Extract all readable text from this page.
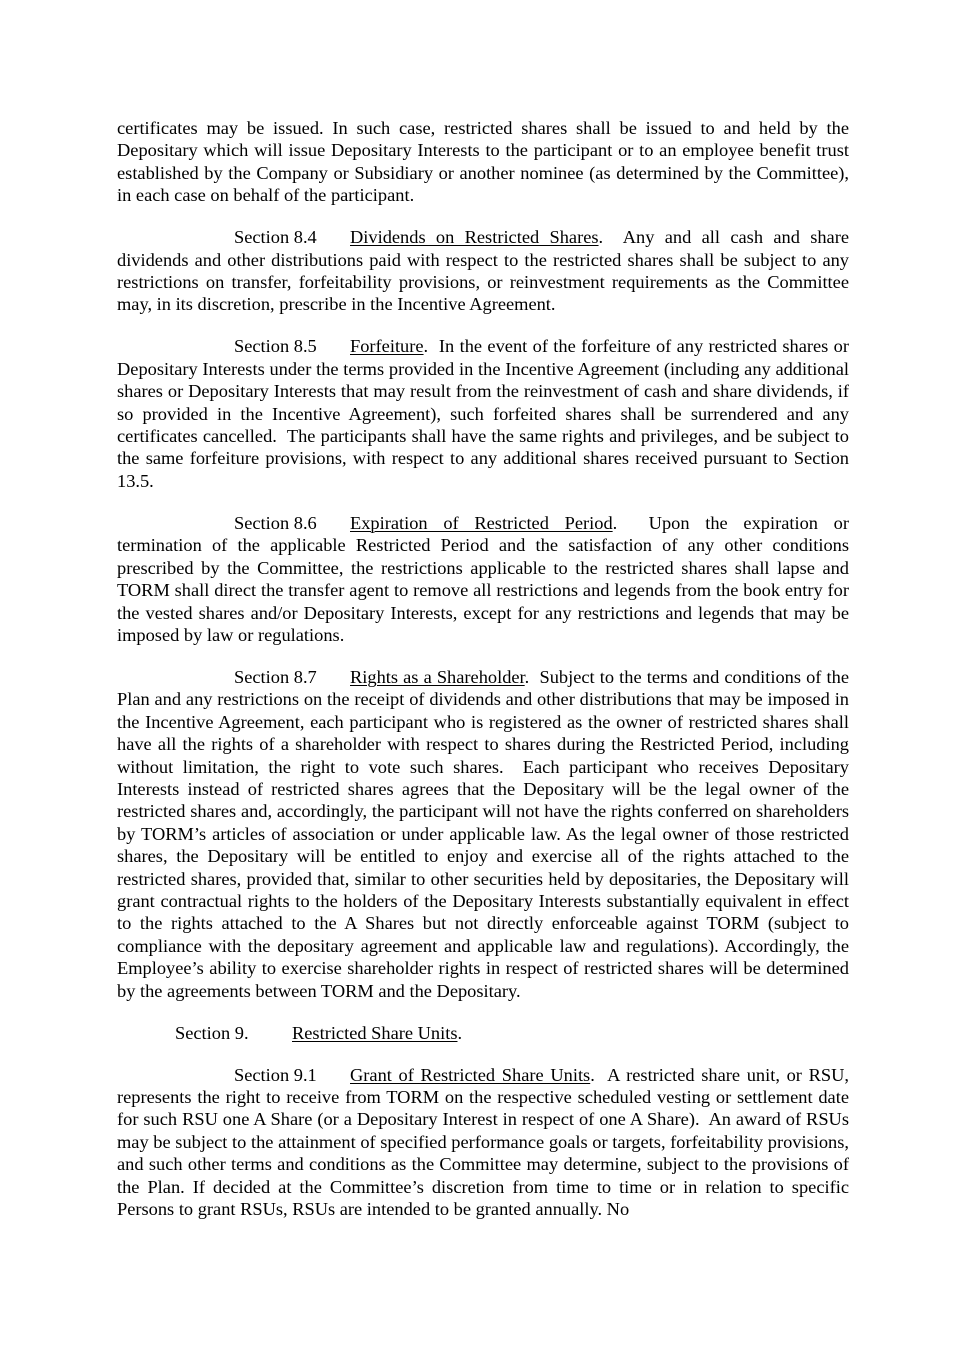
certificates may be issued. In such case, restricted shares shall be issued to and held by the Depositary which will issue Depositary Interests to the participant or to an employee benefit trust established by the Company or Subsidiary or another nominee (as determined by the Committee), in each case on behalf of the participant.

Section 8.4 Dividends on Restricted Shares.  Any and all cash and share dividends and other distributions paid with respect to the restricted shares shall be subject to any restrictions on transfer, forfeitability provisions, or reinvestment requirements as the Committee may, in its discretion, prescribe in the Incentive Agreement.

Section 8.5 Forfeiture.  In the event of the forfeiture of any restricted shares or Depositary Interests under the terms provided in the Incentive Agreement (including any additional shares or Depositary Interests that may result from the reinvestment of cash and share dividends, if so provided in the Incentive Agreement), such forfeited shares shall be surrendered and any certificates cancelled.  The participants shall have the same rights and privileges, and be subject to the same forfeiture provisions, with respect to any additional shares received pursuant to Section 13.5.

Section 8.6 Expiration of Restricted Period.  Upon the expiration or termination of the applicable Restricted Period and the satisfaction of any other conditions prescribed by the Committee, the restrictions applicable to the restricted shares shall lapse and TORM shall direct the transfer agent to remove all restrictions and legends from the book entry for the vested shares and/or Depositary Interests, except for any restrictions and legends that may be imposed by law or regulations.

Section 8.7 Rights as a Shareholder.  Subject to the terms and conditions of the Plan and any restrictions on the receipt of dividends and other distributions that may be imposed in the Incentive Agreement, each participant who is registered as the owner of restricted shares shall have all the rights of a shareholder with respect to shares during the Restricted Period, including without limitation, the right to vote such shares.  Each participant who receives Depositary Interests instead of restricted shares agrees that the Depositary will be the legal owner of the restricted shares and, accordingly, the participant will not have the rights conferred on shareholders by TORM’s articles of association or under applicable law. As the legal owner of those restricted shares, the Depositary will be entitled to enjoy and exercise all of the rights attached to the restricted shares, provided that, similar to other securities held by depositaries, the Depositary will grant contractual rights to the holders of the Depositary Interests substantially equivalent in effect to the rights attached to the A Shares but not directly enforceable against TORM (subject to compliance with the depositary agreement and applicable law and regulations). Accordingly, the Employee’s ability to exercise shareholder rights in respect of restricted shares will be determined by the agreements between TORM and the Depositary.

Section 9. Restricted Share Units.

Section 9.1 Grant of Restricted Share Units.  A restricted share unit, or RSU, represents the right to receive from TORM on the respective scheduled vesting or settlement date for such RSU one A Share (or a Depositary Interest in respect of one A Share).  An award of RSUs may be subject to the attainment of specified performance goals or targets, forfeitability provisions, and such other terms and conditions as the Committee may determine, subject to the provisions of the Plan. If decided at the Committee’s discretion from time to time or in relation to specific Persons to grant RSUs, RSUs are intended to be granted annually. No
